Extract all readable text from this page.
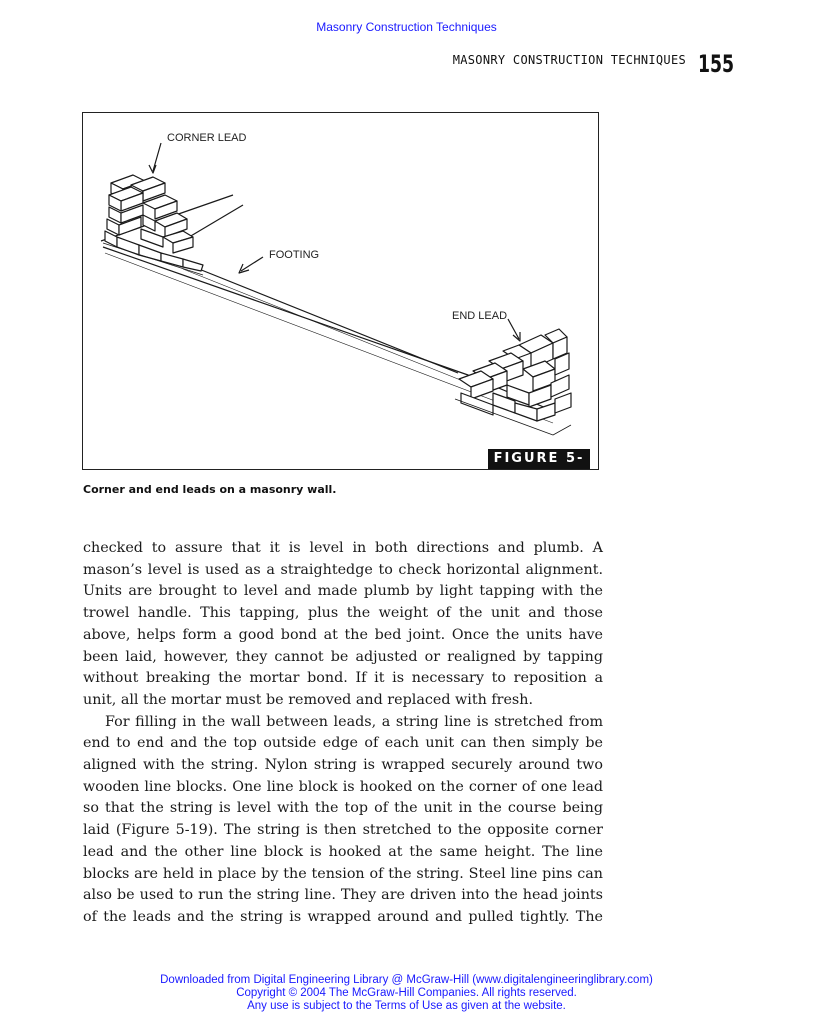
Masonry Construction Techniques
MASONRY CONSTRUCTION TECHNIQUES 155
CORNER LEAD
FOOTING
END LEAD
FIGURE 5-18
Corner and end leads on a masonry wall.
checked to assure that it is level in both directions and plumb. A
mason’s level is used as a straightedge to check horizontal alignment.
Units are brought to level and made plumb by light tapping with the
trowel handle. This tapping, plus the weight of the unit and those
above, helps form a good bond at the bed joint. Once the units have
been laid, however, they cannot be adjusted or realigned by tapping
without breaking the mortar bond. If it is necessary to reposition a
unit, all the mortar must be removed and replaced with fresh.
For filling in the wall between leads, a string line is stretched from
end to end and the top outside edge of each unit can then simply be
aligned with the string. Nylon string is wrapped securely around two
wooden line blocks. One line block is hooked on the corner of one lead
so that the string is level with the top of the unit in the course being
laid (Figure 5-19). The string is then stretched to the opposite corner
lead and the other line block is hooked at the same height. The line
blocks are held in place by the tension of the string. Steel line pins can
also be used to run the string line. They are driven into the head joints
of the leads and the string is wrapped around and pulled tightly. The
Downloaded from Digital Engineering Library @ McGraw-Hill (www.digitalengineeringlibrary.com)
Copyright © 2004 The McGraw-Hill Companies. All rights reserved.
Any use is subject to the Terms of Use as given at the website.
